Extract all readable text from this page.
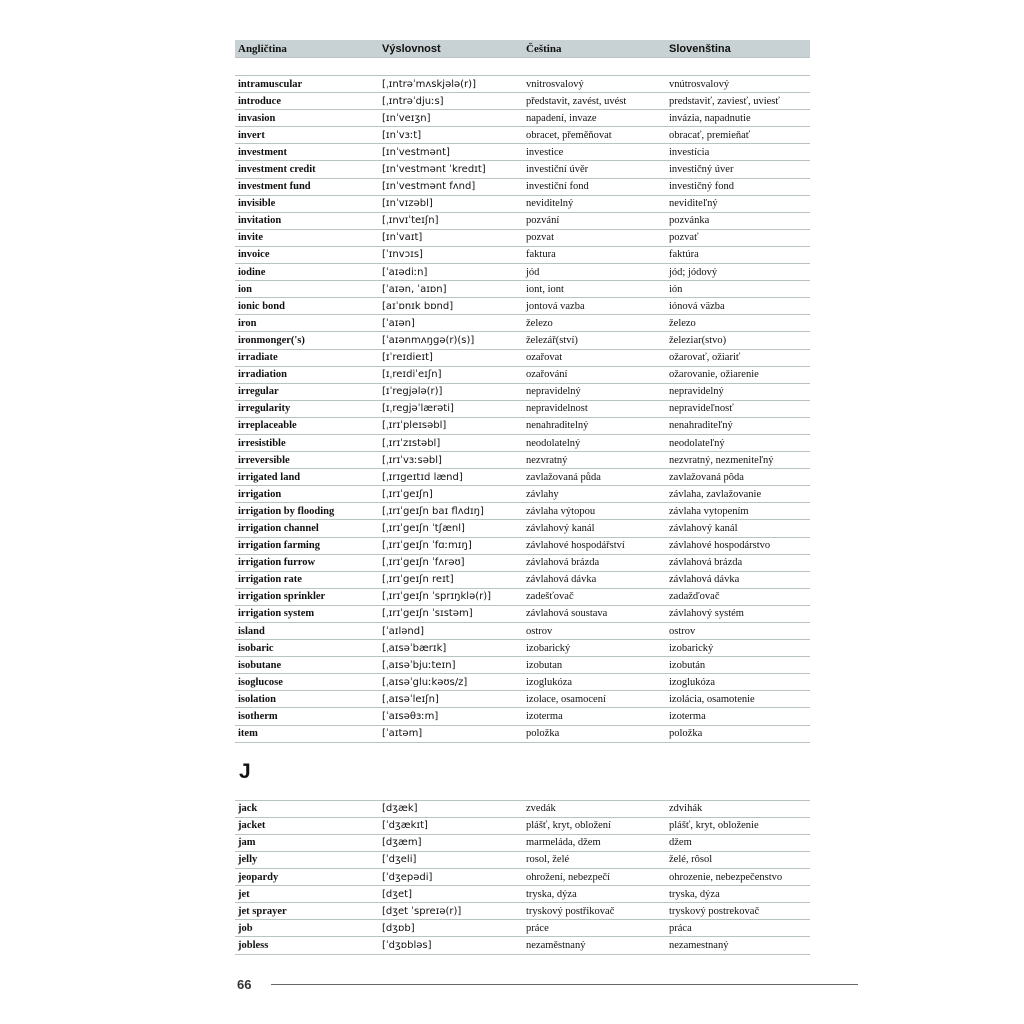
Angličtina	Výslovnost	Čeština	Slovenština
intramuscular	[ˌɪntrəˈmʌskjələ(r)]	vnitrosvalový	vnútrosvalový
introduce	[ˌɪntrəˈdjuːs]	představit, zavést, uvést	predstaviť, zaviesť, uviesť
invasion	[ɪnˈveɪʒn]	napadení, invaze	invázia, napadnutie
invert	[ɪnˈvɜːt]	obracet, přeměňovat	obracať, premieňať
investment	[ɪnˈvestmənt]	investice	investícia
investment credit	[ɪnˈvestmənt ˈkredɪt]	investiční úvěr	investičný úver
investment fund	[ɪnˈvestmənt fʌnd]	investiční fond	investičný fond
invisible	[ɪnˈvɪzəbl]	neviditelný	neviditeľný
invitation	[ˌɪnvɪˈteɪʃn]	pozvání	pozvánka
invite	[ɪnˈvaɪt]	pozvat	pozvať
invoice	[ˈɪnvɔɪs]	faktura	faktúra
iodine	[ˈaɪədiːn]	jód	jód; jódový
ion	[ˈaɪən, ˈaɪɒn]	iont, iont	ión
ionic bond	[aɪˈɒnɪk bɒnd]	jontová vazba	iónová väzba
iron	[ˈaɪən]	železo	železo
ironmonger('s)	[ˈaɪənmʌŋgə(r)(s)]	železář(ství)	železiar(stvo)
irradiate	[ɪˈreɪdieɪt]	ozařovat	ožarovať, ožiariť
irradiation	[ɪˌreɪdiˈeɪʃn]	ozařování	ožarovanie, ožiarenie
irregular	[ɪˈregjələ(r)]	nepravidelný	nepravidelný
irregularity	[ɪˌregjəˈlærəti]	nepravidelnost	nepravideľnosť
irreplaceable	[ˌɪrɪˈpleɪsəbl]	nenahraditelný	nenahraditeľný
irresistible	[ˌɪrɪˈzɪstəbl]	neodolatelný	neodolateľný
irreversible	[ˌɪrɪˈvɜːsəbl]	nezvratný	nezvratný, nezmeniteľný
irrigated land	[ˌɪrɪgeɪtɪd lænd]	zavlažovaná půda	zavlažovaná pôda
irrigation	[ˌɪrɪˈgeɪʃn]	závlahy	závlaha, zavlažovanie
irrigation by flooding	[ˌɪrɪˈgeɪʃn baɪ flʌdɪŋ]	závlaha výtopou	závlaha vytopením
irrigation channel	[ˌɪrɪˈgeɪʃn ˈtʃænl]	závlahový kanál	závlahový kanál
irrigation farming	[ˌɪrɪˈgeɪʃn ˈfɑːmɪŋ]	závlahové hospodářství	závlahové hospodárstvo
irrigation furrow	[ˌɪrɪˈgeɪʃn ˈfʌrəʊ]	závlahová brázda	závlahová brázda
irrigation rate	[ˌɪrɪˈgeɪʃn reɪt]	závlahová dávka	závlahová dávka
irrigation sprinkler	[ˌɪrɪˈgeɪʃn ˈsprɪŋklə(r)]	zadešťovač	zadažďovač
irrigation system	[ˌɪrɪˈgeɪʃn ˈsɪstəm]	závlahová soustava	závlahový systém
island	[ˈaɪlənd]	ostrov	ostrov
isobaric	[ˌaɪsəˈbærɪk]	izobarický	izobarický
isobutane	[ˌaɪsəˈbjuːteɪn]	izobutan	izobután
isoglucose	[ˌaɪsəˈgluːkəʊs/z]	izoglukóza	izoglukóza
isolation	[ˌaɪsəˈleɪʃn]	izolace, osamocení	izolácia, osamotenie
isotherm	[ˈaɪsəθɜːm]	izoterma	izoterma
item	[ˈaɪtəm]	položka	položka
J
jack	[dʒæk]	zvedák	zdvihák
jacket	[ˈdʒækɪt]	plášť, kryt, obložení	plášť, kryt, obloženie
jam	[dʒæm]	marmeláda, džem	džem
jelly	[ˈdʒeli]	rosol, želé	želé, rôsol
jeopardy	[ˈdʒepədi]	ohrožení, nebezpečí	ohrozenie, nebezpečenstvo
jet	[dʒet]	tryska, dýza	tryska, dýza
jet sprayer	[dʒet ˈspreɪə(r)]	tryskový postřikovač	tryskový postrekovač
job	[dʒɒb]	práce	práca
jobless	[ˈdʒɒbləs]	nezaměstnaný	nezamestnaný
66
